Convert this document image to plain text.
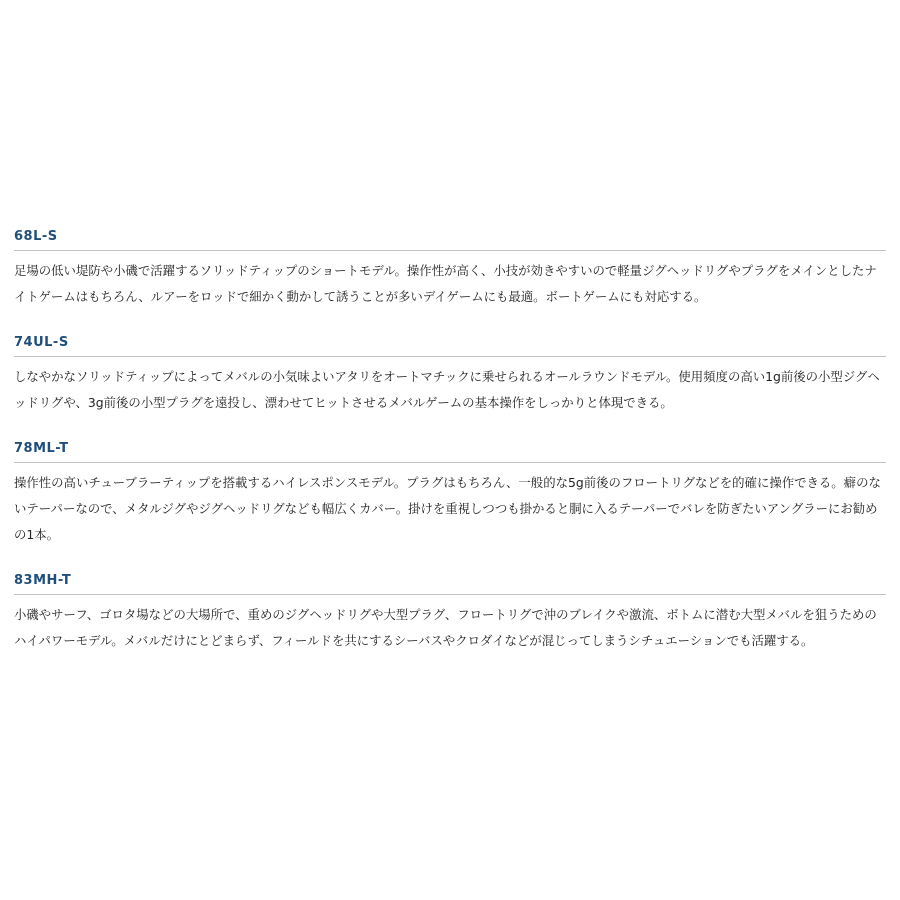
68L-S

足場の低い堤防や小磯で活躍するソリッドティップのショートモデル。操作性が高く、小技が効きやすいので軽量ジグヘッドリグやプラグをメインとしたナイトゲームはもちろん、ルアーをロッドで細かく動かして誘うことが多いデイゲームにも最適。ボートゲームにも対応する。

74UL-S

しなやかなソリッドティップによってメバルの小気味よいアタリをオートマチックに乗せられるオールラウンドモデル。使用頻度の高い1g前後の小型ジグヘッドリグや、3g前後の小型プラグを遠投し、漂わせてヒットさせるメバルゲームの基本操作をしっかりと体現できる。

78ML-T

操作性の高いチューブラーティップを搭載するハイレスポンスモデル。プラグはもちろん、一般的な5g前後のフロートリグなどを的確に操作できる。癖のないテーパーなので、メタルジグやジグヘッドリグなども幅広くカバー。掛けを重視しつつも掛かると胴に入るテーパーでバレを防ぎたいアングラーにお勧めの1本。

83MH-T

小磯やサーフ、ゴロタ場などの大場所で、重めのジグヘッドリグや大型プラグ、フロートリグで沖のブレイクや激流、ボトムに潜む大型メバルを狙うためのハイパワーモデル。メバルだけにとどまらず、フィールドを共にするシーバスやクロダイなどが混じってしまうシチュエーションでも活躍する。
